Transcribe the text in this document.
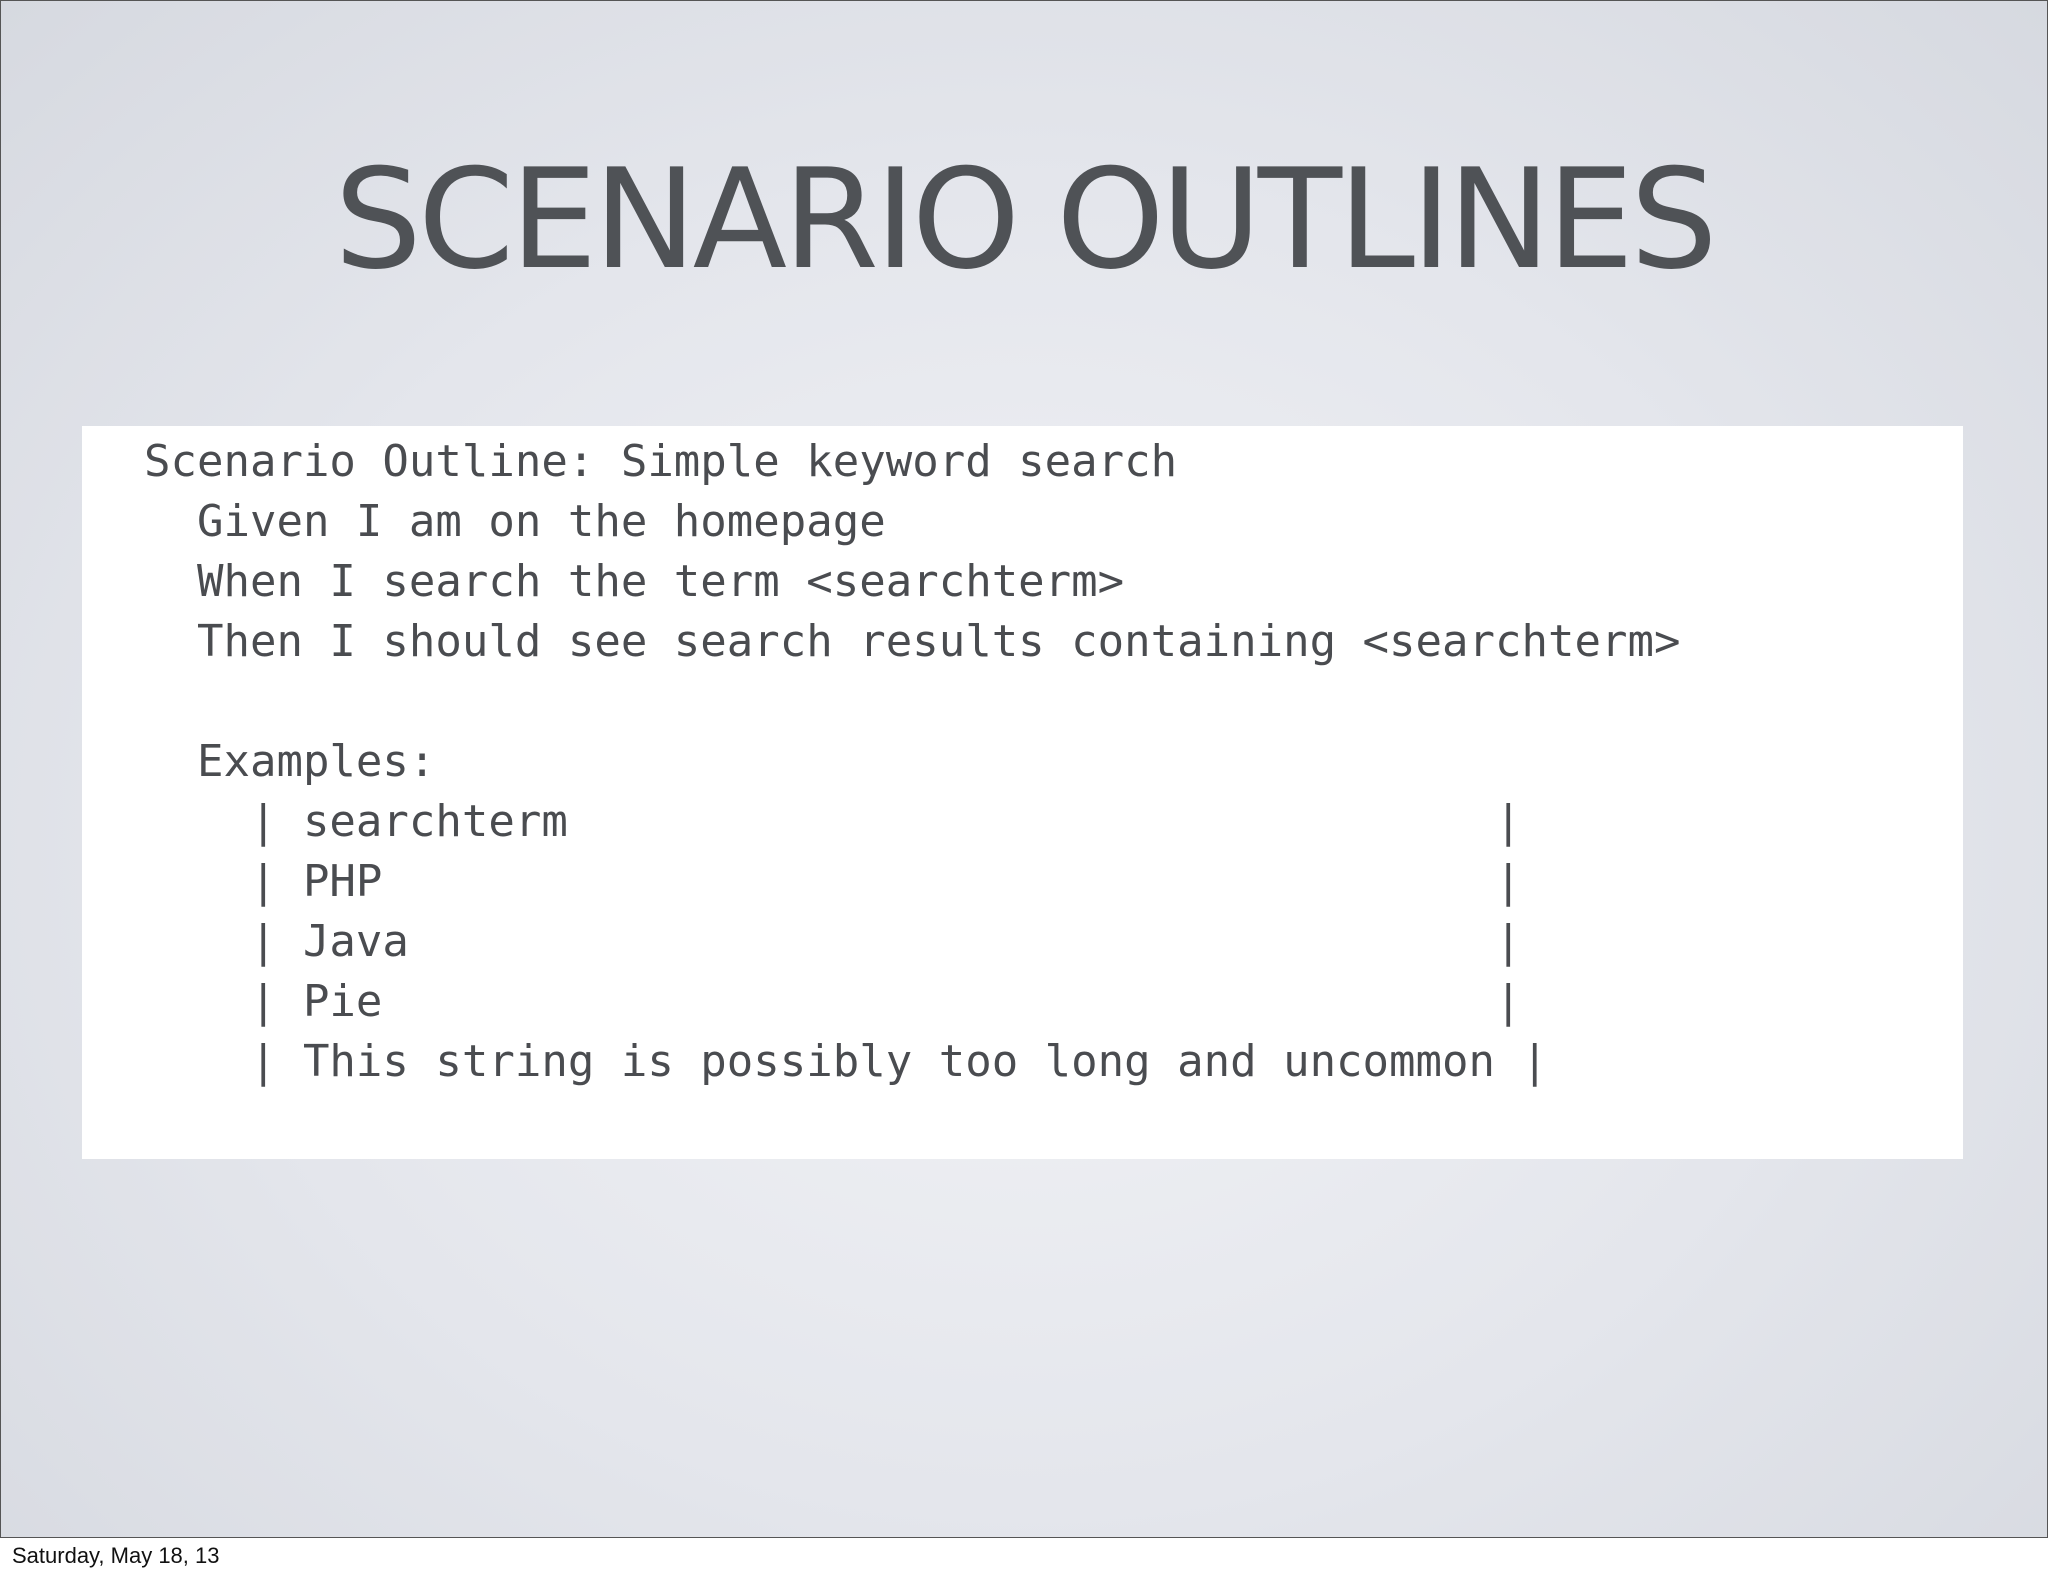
SCENARIO OUTLINES
Scenario Outline: Simple keyword search
Given I am on the homepage
When I search the term <searchterm>
Then I should see search results containing <searchterm>
Examples:
| searchterm                                   |
| PHP                                          |
| Java                                         |
| Pie                                          |
| This string is possibly too long and uncommon |
Saturday, May 18, 13
